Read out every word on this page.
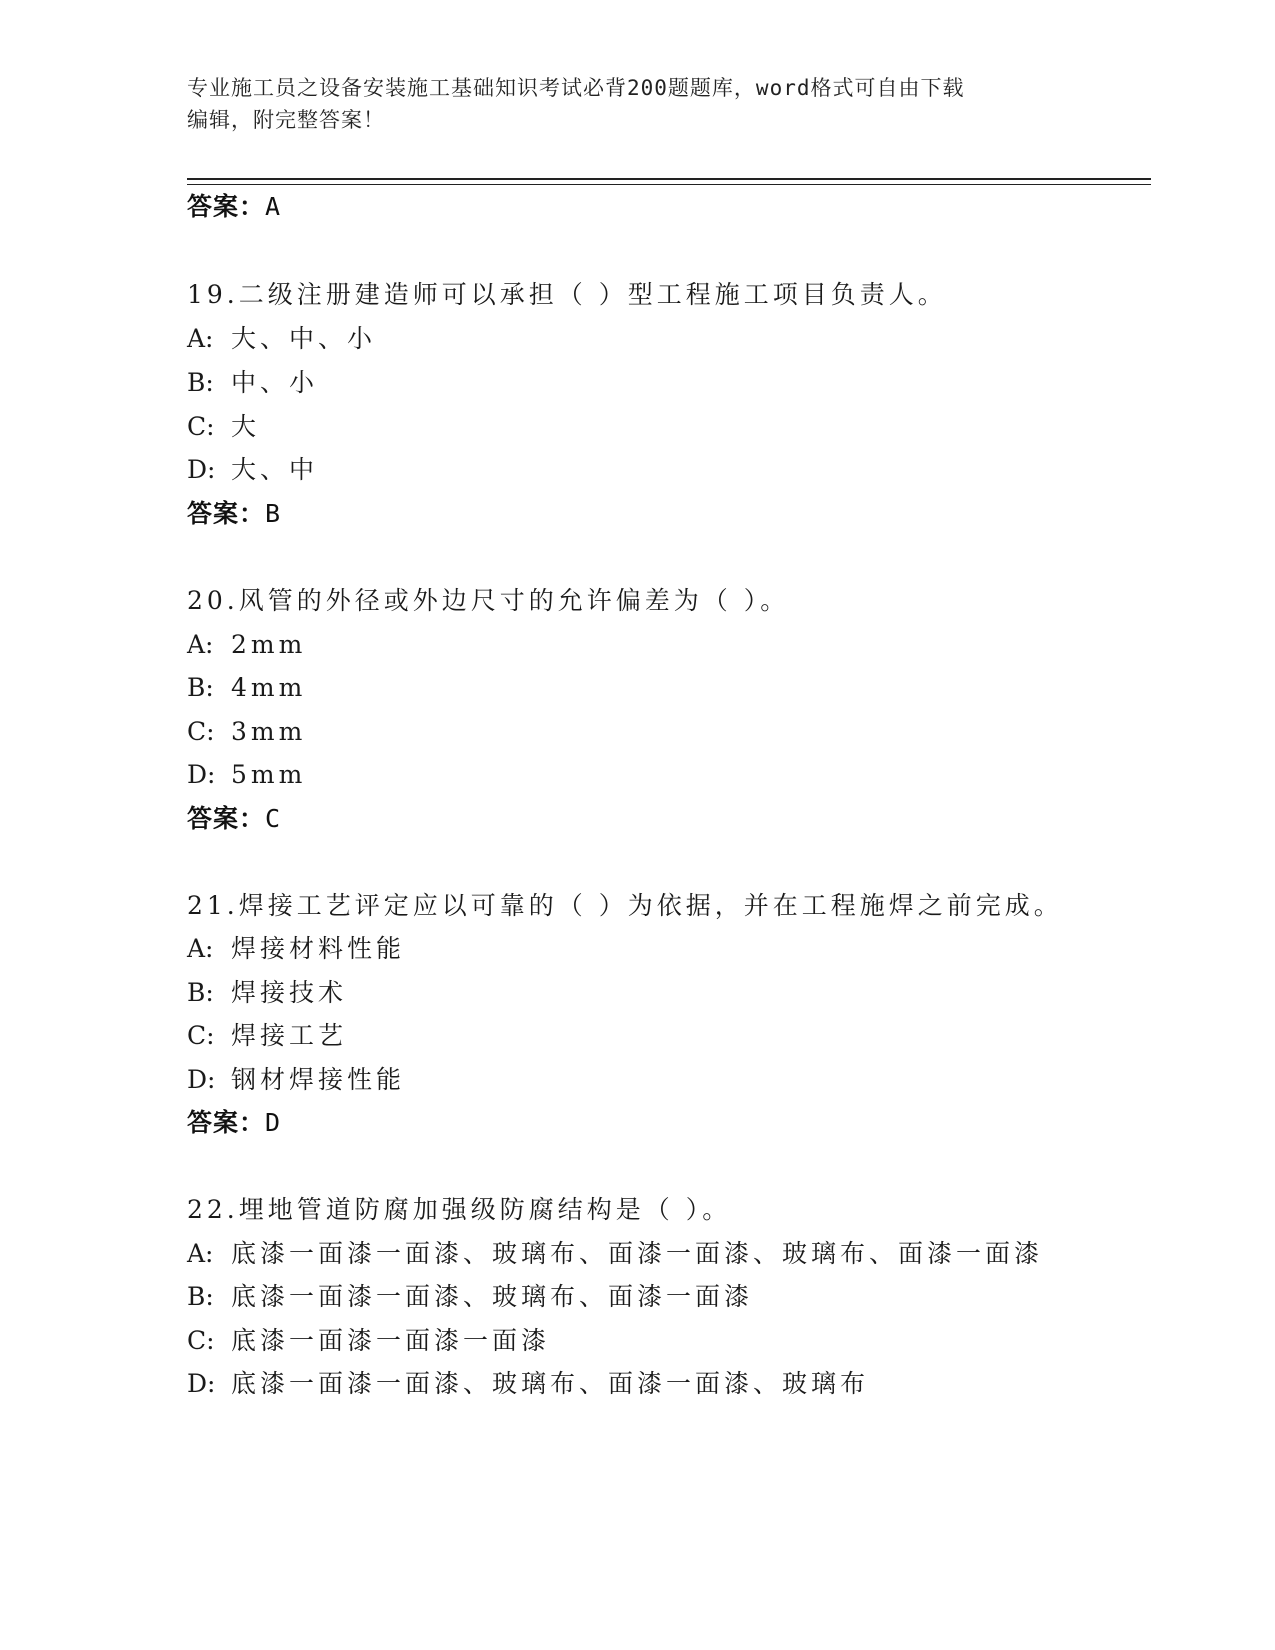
专业施工员之设备安装施工基础知识考试必背200题题库，word格式可自由下载
编辑，附完整答案！
答案：A
19.二级注册建造师可以承担（ ）型工程施工项目负责人。
A: 大、中、小
B: 中、小
C: 大
D: 大、中
答案：B
20.风管的外径或外边尺寸的允许偏差为（ ）。
A: 2mm
B: 4mm
C: 3mm
D: 5mm
答案：C
21.焊接工艺评定应以可靠的（ ）为依据，并在工程施焊之前完成。
A: 焊接材料性能
B: 焊接技术
C: 焊接工艺
D: 钢材焊接性能
答案：D
22.埋地管道防腐加强级防腐结构是（ ）。
A: 底漆一面漆一面漆、玻璃布、面漆一面漆、玻璃布、面漆一面漆
B: 底漆一面漆一面漆、玻璃布、面漆一面漆
C: 底漆一面漆一面漆一面漆
D: 底漆一面漆一面漆、玻璃布、面漆一面漆、玻璃布
